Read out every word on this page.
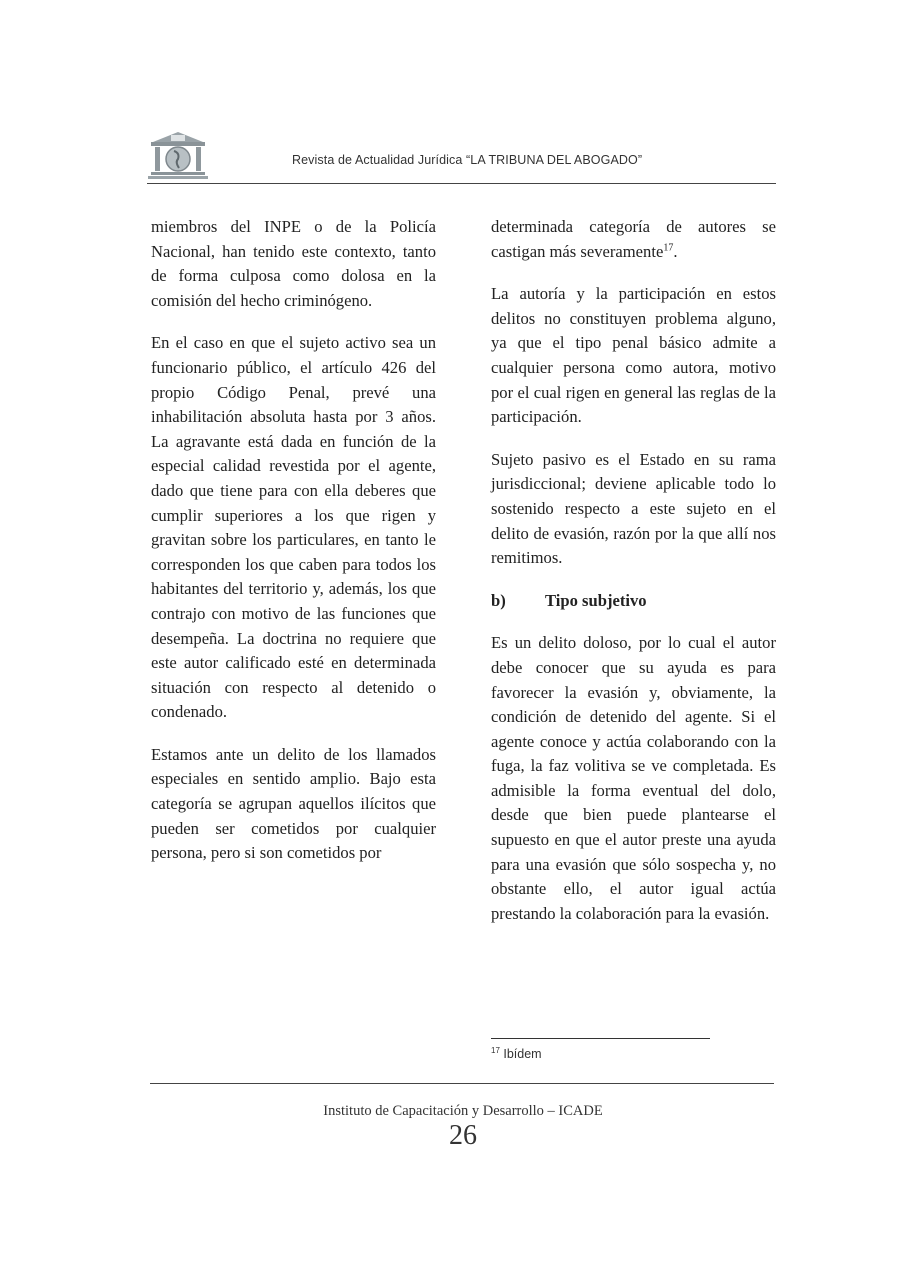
Revista de Actualidad Jurídica “LA TRIBUNA DEL ABOGADO”

miembros del INPE o de la Policía Nacional, han tenido este contexto, tanto de forma culposa como dolosa en la comisión del hecho criminógeno.

En el caso en que el sujeto activo sea un funcionario público, el artículo 426 del propio Código Penal, prevé una inhabilitación absoluta hasta por 3 años. La agravante está dada en función de la especial calidad revestida por el agente, dado que tiene para con ella deberes que cumplir superiores a los que rigen y gravitan sobre los particulares, en tanto le corresponden los que caben para todos los habitantes del territorio y, además, los que contrajo con motivo de las funciones que desempeña. La doctrina no requiere que este autor calificado esté en determinada situación con respecto al detenido o condenado.

Estamos ante un delito de los llamados especiales en sentido amplio. Bajo esta categoría se agrupan aquellos ilícitos que pueden ser cometidos por cualquier persona, pero si son cometidos por

determinada categoría de autores se castigan más severamente$^{17}$.

La autoría y la participación en estos delitos no constituyen problema alguno, ya que el tipo penal básico admite a cualquier persona como autora, motivo por el cual rigen en general las reglas de la participación.

Sujeto pasivo es el Estado en su rama jurisdiccional; deviene aplicable todo lo sostenido respecto a este sujeto en el delito de evasión, razón por la que allí nos remitimos.

b)	Tipo subjetivo

Es un delito doloso, por lo cual el autor debe conocer que su ayuda es para favorecer la evasión y, obviamente, la condición de detenido del agente. Si el agente conoce y actúa colaborando con la fuga, la faz volitiva se ve completada. Es admisible la forma eventual del dolo, desde que bien puede plantearse el supuesto en que el autor preste una ayuda para una evasión que sólo sospecha y, no obstante ello, el autor igual actúa prestando la colaboración para la evasión.

$^{17}$ Ibídem
Instituto de Capacitación y Desarrollo – ICADE
26
